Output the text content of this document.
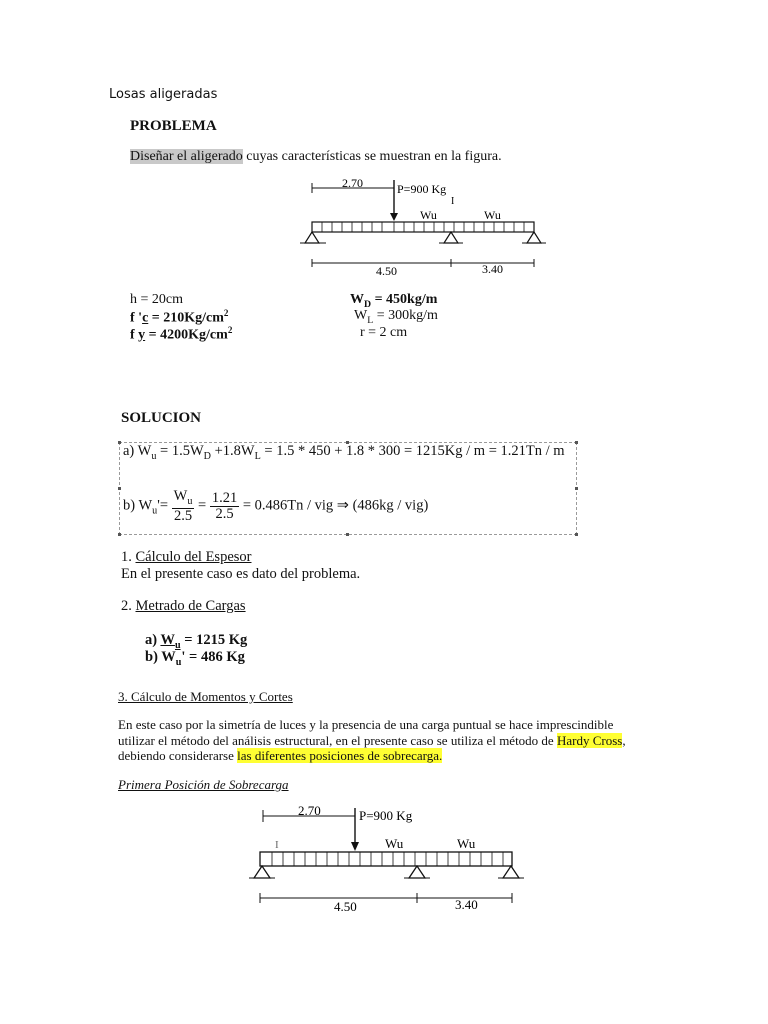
Losas aligeradas
PROBLEMA
Diseñar el aligerado cuyas características se muestran en la figura.
2.70	P=900 Kg
I
Wu	Wu
4.50	3.40
h = 20cm
f '$c = 210Kg/cm^2$
f $y = 4200Kg/cm^2$
$W_D = 450kg/m$
$W_L = 300kg/m$
r = 2 cm
SOLUCION
a) $W_u = 1.5W_D +1.8W_L = 1.5 * 450 + 1.8 * 300 = 1215Kg / m = 1.21Tn / m$
b) $W_u'= \frac{W_u}{2.5} = \frac{1.21}{2.5} = 0.486Tn$ / vig ⇒ (486kg / vig)
1. Cálculo del Espesor
En el presente caso es dato del problema.
2. Metrado de Cargas
a) $W_u = 1215$ Kg
b) $W_u' = 486$ Kg
3. Cálculo de Momentos y Cortes
En este caso por la simetría de luces y la presencia de una carga puntual se hace imprescindible
utilizar el método del análisis estructural, en el presente caso se utiliza el método de Hardy Cross,
debiendo considerarse las diferentes posiciones de sobrecarga.
Primera Posición de Sobrecarga
2.70	P=900 Kg
I	Wu	Wu
4.50	3.40
